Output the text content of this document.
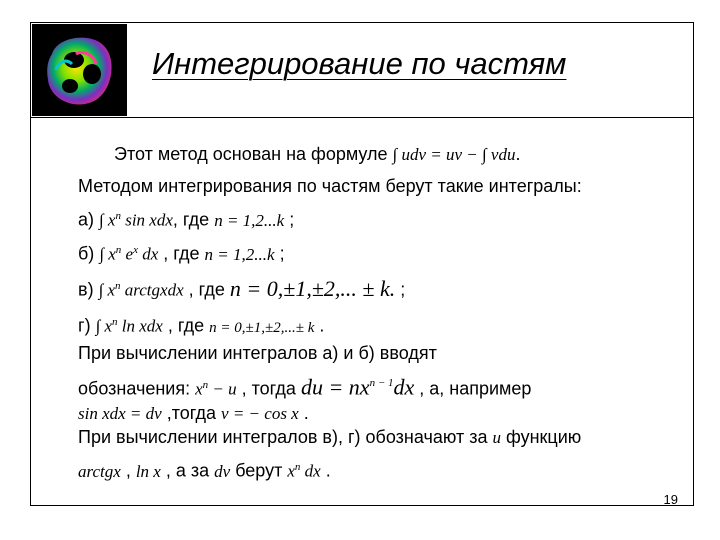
Интегрирование по частям
Этот метод основан на формуле ∫ udv = uv − ∫ vdu.
Методом интегрирования по частям берут такие интегралы:
а) ∫ $x^n$ sin xdx, где n = 1,2...k ;
б) ∫ $x^n$ $e^x$ dx , где n = 1,2...k ;
в) ∫ $x^n$ arctgxdx , где n = 0,±1,±2,... ± k. ;
г) ∫ $x^n$ ln xdx , где n = 0,±1,±2,...± k .
При вычислении интегралов а) и б) вводят
обозначения: $x^n - u$ , тогда du = $nx^{n - 1}dx$ , а, например
sin xdx = dv ,тогда v = − cos x .
При вычислении интегралов в), г) обозначают за u функцию
arctgx , ln x , а за dv берут $x^n$ dx .
19
